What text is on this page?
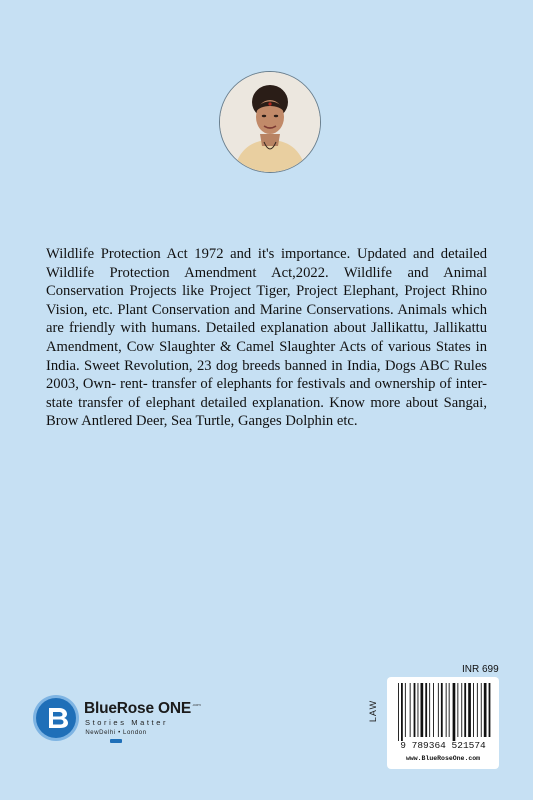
Wildlife Protection Act 1972 and it's importance. Updated and detailed Wildlife Protection Amendment Act,2022. Wildlife and Animal Conservation Projects like Project Tiger, Project Elephant, Project Rhino Vision, etc. Plant Conservation and Marine Conservations. Animals which are friendly with humans. Detailed explanation about Jallikattu, Jallikattu Amendment, Cow Slaughter & Camel Slaughter Acts of various States in India. Sweet Revolution, 23 dog breeds banned in India, Dogs ABC Rules 2003, Own- rent- transfer of elephants for festivals and ownership of inter-state transfer of elephant detailed explanation. Know more about Sangai, Brow Antlered Deer, Sea Turtle, Ganges Dolphin etc.

BlueRose ONE .com
Stories Matter
NewDelhi • London
INR 699
LAW
9 789364 521574
www.BlueRoseOne.com
